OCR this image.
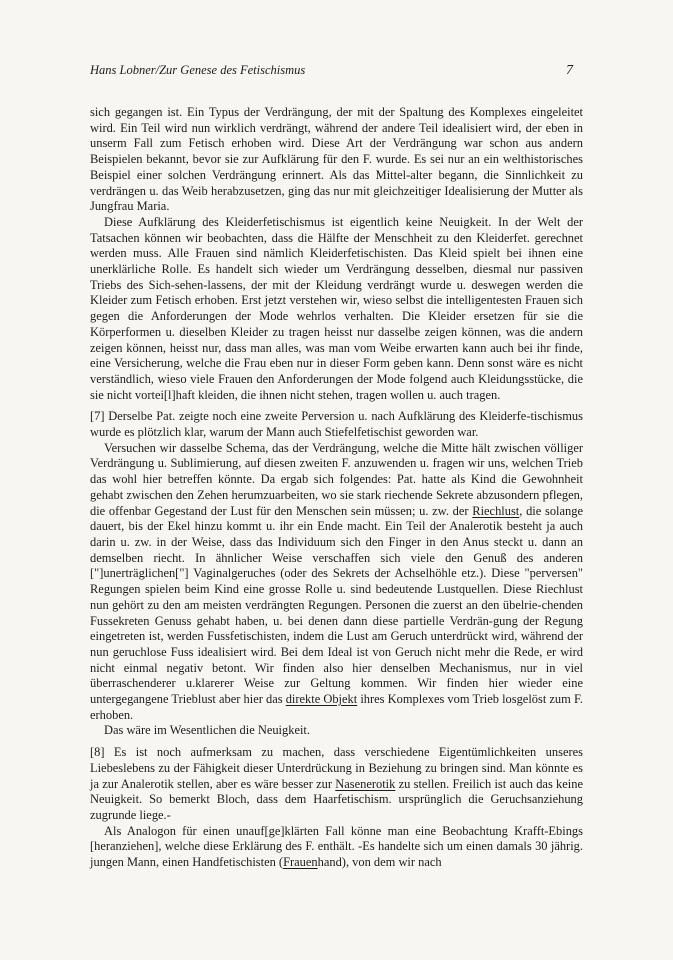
Hans Lobner/Zur Genese des Fetischismus	7

sich gegangen ist. Ein Typus der Verdrängung, der mit der Spaltung des Komplexes eingeleitet wird. Ein Teil wird nun wirklich verdrängt, während der andere Teil idealisiert wird, der eben in unserm Fall zum Fetisch erhoben wird. Diese Art der Verdrängung war schon aus andern Beispielen bekannt, bevor sie zur Aufklärung für den F. wurde. Es sei nur an ein welthistorisches Beispiel einer solchen Verdrängung erinnert. Als das Mittel-alter begann, die Sinnlichkeit zu verdrängen u. das Weib herabzusetzen, ging das nur mit gleichzeitiger Idealisierung der Mutter als Jungfrau Maria.

Diese Aufklärung des Kleiderfetischismus ist eigentlich keine Neuigkeit. In der Welt der Tatsachen können wir beobachten, dass die Hälfte der Menschheit zu den Kleiderfet. gerechnet werden muss. Alle Frauen sind nämlich Kleiderfetischisten. Das Kleid spielt bei ihnen eine unerklärliche Rolle. Es handelt sich wieder um Verdrängung desselben, diesmal nur passiven Triebs des Sich-sehen-lassens, der mit der Kleidung verdrängt wurde u. deswegen werden die Kleider zum Fetisch erhoben. Erst jetzt verstehen wir, wieso selbst die intelligentesten Frauen sich gegen die Anforderungen der Mode wehrlos verhalten. Die Kleider ersetzen für sie die Körperformen u. dieselben Kleider zu tragen heisst nur dasselbe zeigen können, was die andern zeigen können, heisst nur, dass man alles, was man vom Weibe erwarten kann auch bei ihr finde, eine Versicherung, welche die Frau eben nur in dieser Form geben kann. Denn sonst wäre es nicht verständlich, wieso viele Frauen den Anforderungen der Mode folgend auch Kleidungsstücke, die sie nicht vortei[l]haft kleiden, die ihnen nicht stehen, tragen wollen u. auch tragen.

[7] Derselbe Pat. zeigte noch eine zweite Perversion u. nach Aufklärung des Kleiderfe-tischismus wurde es plötzlich klar, warum der Mann auch Stiefelfetischist geworden war.

Versuchen wir dasselbe Schema, das der Verdrängung, welche die Mitte hält zwischen völliger Verdrängung u. Sublimierung, auf diesen zweiten F. anzuwenden u. fragen wir uns, welchen Trieb das wohl hier betreffen könnte. Da ergab sich folgendes: Pat. hatte als Kind die Gewohnheit gehabt zwischen den Zehen herumzuarbeiten, wo sie stark riechende Sekrete abzusondern pflegen, die offenbar Gegestand der Lust für den Menschen sein müssen; u. zw. der Riechlust, die solange dauert, bis der Ekel hinzu kommt u. ihr ein Ende macht. Ein Teil der Analerotik besteht ja auch darin u. zw. in der Weise, dass das Individuum sich den Finger in den Anus steckt u. dann an demselben riecht. In ähnlicher Weise verschaffen sich viele den Genuß des anderen ["]unerträglichen["] Vaginalgeruches (oder des Sekrets der Achselhöhle etz.). Diese "perversen" Regungen spielen beim Kind eine grosse Rolle u. sind bedeutende Lustquellen. Diese Riechlust nun gehört zu den am meisten verdrängten Regungen. Personen die zuerst an den übelrie-chenden Fussekreten Genuss gehabt haben, u. bei denen dann diese partielle Verdrän-gung der Regung eingetreten ist, werden Fussfetischisten, indem die Lust am Geruch unterdrückt wird, während der nun geruchlose Fuss idealisiert wird. Bei dem Ideal ist von Geruch nicht mehr die Rede, er wird nicht einmal negativ betont. Wir finden also hier denselben Mechanismus, nur in viel überraschenderer u.klarerer Weise zur Geltung kommen. Wir finden hier wieder eine untergegangene Trieblust aber hier das direkte Objekt ihres Komplexes vom Trieb losgelöst zum F. erhoben.

Das wäre im Wesentlichen die Neuigkeit.

[8] Es ist noch aufmerksam zu machen, dass verschiedene Eigentümlichkeiten unseres Liebeslebens zu der Fähigkeit dieser Unterdrückung in Beziehung zu bringen sind. Man könnte es ja zur Analerotik stellen, aber es wäre besser zur Nasenerotik zu stellen. Freilich ist auch das keine Neuigkeit. So bemerkt Bloch, dass dem Haarfetischism. ursprünglich die Geruchsanziehung zugrunde liege.-

Als Analogon für einen unauf[ge]klärten Fall könne man eine Beobachtung Krafft-Ebings [heranziehen], welche diese Erklärung des F. enthält. -Es handelte sich um einen damals 30 jährig. jungen Mann, einen Handfetischisten (Frauenhand), von dem wir nach
